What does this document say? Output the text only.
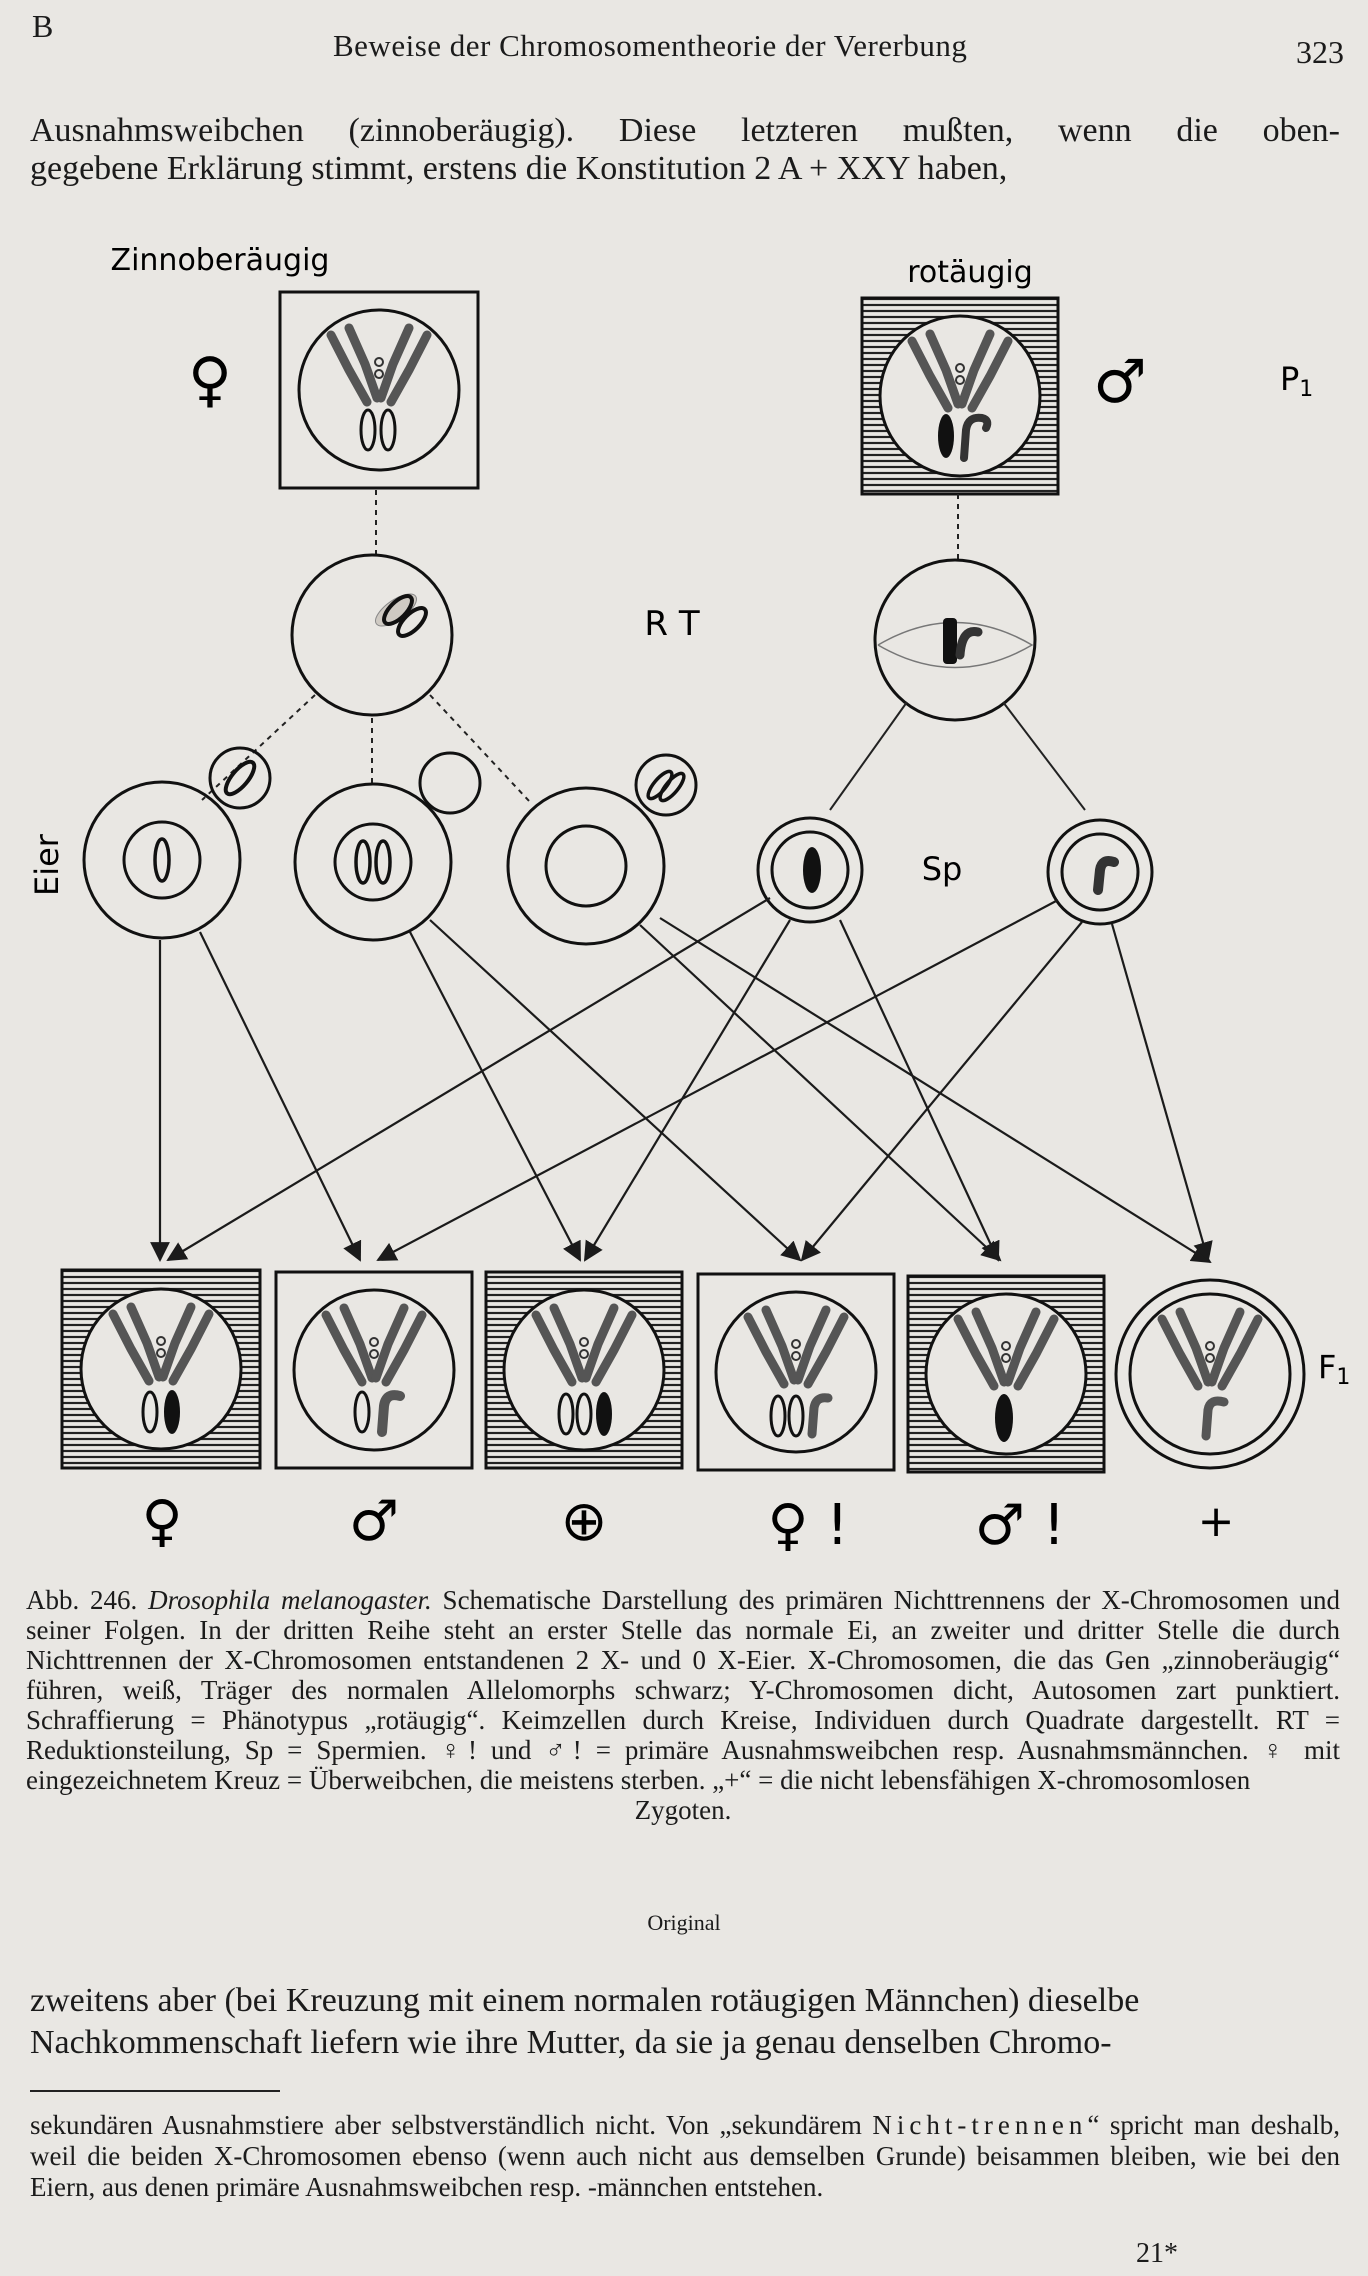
B
Beweise der Chromosomentheorie der Vererbung	323
Ausnahmsweibchen (zinnoberäugig). Diese letzteren mußten, wenn die oben-
gegebene Erklärung stimmt, erstens die Konstitution 2 A + XXY haben,
Zinnoberäugig	rotäugig
P1
♀	♂
R T
Eier	Sp
F1
♀	♂	⊕	♀ ! ♂ !	+
Abb. 246. Drosophila melanogaster. Schematische Darstellung des primären Nichttrennens der X-Chromosomen und seiner Folgen. In der dritten Reihe steht an erster Stelle das normale Ei, an zweiter und dritter Stelle die durch Nichttrennen der X-Chromosomen entstandenen 2 X- und 0 X-Eier. X-Chromosomen, die das Gen „zinnoberäugig“ führen, weiß, Träger des normalen Allelomorphs schwarz; Y-Chromosomen dicht, Autosomen zart punktiert. Schraffierung = Phänotypus „rotäugig“. Keimzellen durch Kreise, Individuen durch Quadrate dargestellt. RT = Reduktionsteilung, Sp = Spermien. ♀! und ♂! = primäre Ausnahmsweibchen resp. Ausnahmsmännchen. ♀ mit eingezeichnetem Kreuz = Überweibchen, die meistens sterben. „+“ = die nicht lebensfähigen X-chromosomlosen
Zygoten.
Original
zweitens aber (bei Kreuzung mit einem normalen rotäugigen Männchen) dieselbe
Nachkommenschaft liefern wie ihre Mutter, da sie ja genau denselben Chromo-
sekundären Ausnahmstiere aber selbstverständlich nicht. Von „sekundärem Nicht-trennen“ spricht man deshalb, weil die beiden X-Chromosomen ebenso (wenn auch nicht aus demselben Grunde) beisammen bleiben, wie bei den Eiern, aus denen primäre Ausnahmsweibchen resp. -männchen entstehen.
21*
